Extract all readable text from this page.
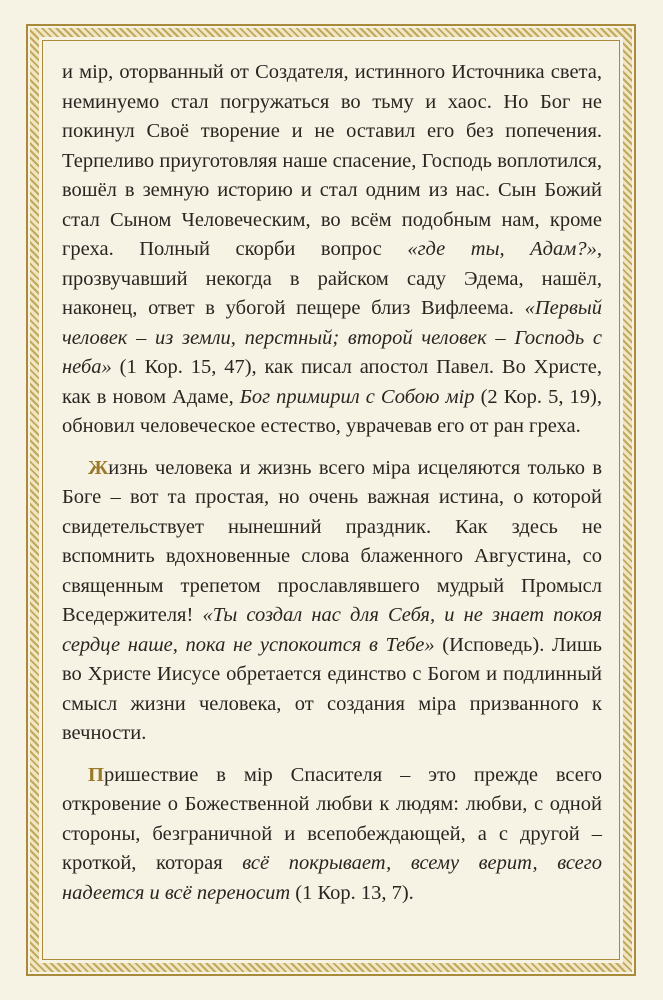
и мір, оторванный от Создателя, истинного Источника света, неминуемо стал погружаться во тьму и хаос. Но Бог не покинул Своё творение и не оставил его без попечения. Терпеливо приуготовляя наше спасение, Господь воплотился, вошёл в земную историю и стал одним из нас. Сын Божий стал Сыном Человеческим, во всём подобным нам, кроме греха. Полный скорби вопрос «где ты, Адам?», прозвучавший некогда в райском саду Эдема, нашёл, наконец, ответ в убогой пещере близ Вифлеема. «Первый человек – из земли, перстный; второй человек – Господь с неба» (1 Кор. 15, 47), как писал апостол Павел. Во Христе, как в новом Адаме, Бог примирил с Собою мір (2 Кор. 5, 19), обновил человеческое естество, уврачевав его от ран греха.

Жизнь человека и жизнь всего міра исцеляются только в Боге – вот та простая, но очень важная истина, о которой свидетельствует нынешний праздник. Как здесь не вспомнить вдохновенные слова блаженного Августина, со священным трепетом прославлявшего мудрый Промысл Вседержителя! «Ты создал нас для Себя, и не знает покоя сердце наше, пока не успокоится в Тебе» (Исповедь). Лишь во Христе Иисусе обретается единство с Богом и подлинный смысл жизни человека, от создания міра призванного к вечности.

Пришествие в мір Спасителя – это прежде всего откровение о Божественной любви к людям: любви, с одной стороны, безграничной и всепобеждающей, а с другой – кроткой, которая всё покрывает, всему верит, всего надеется и всё переносит (1 Кор. 13, 7).
